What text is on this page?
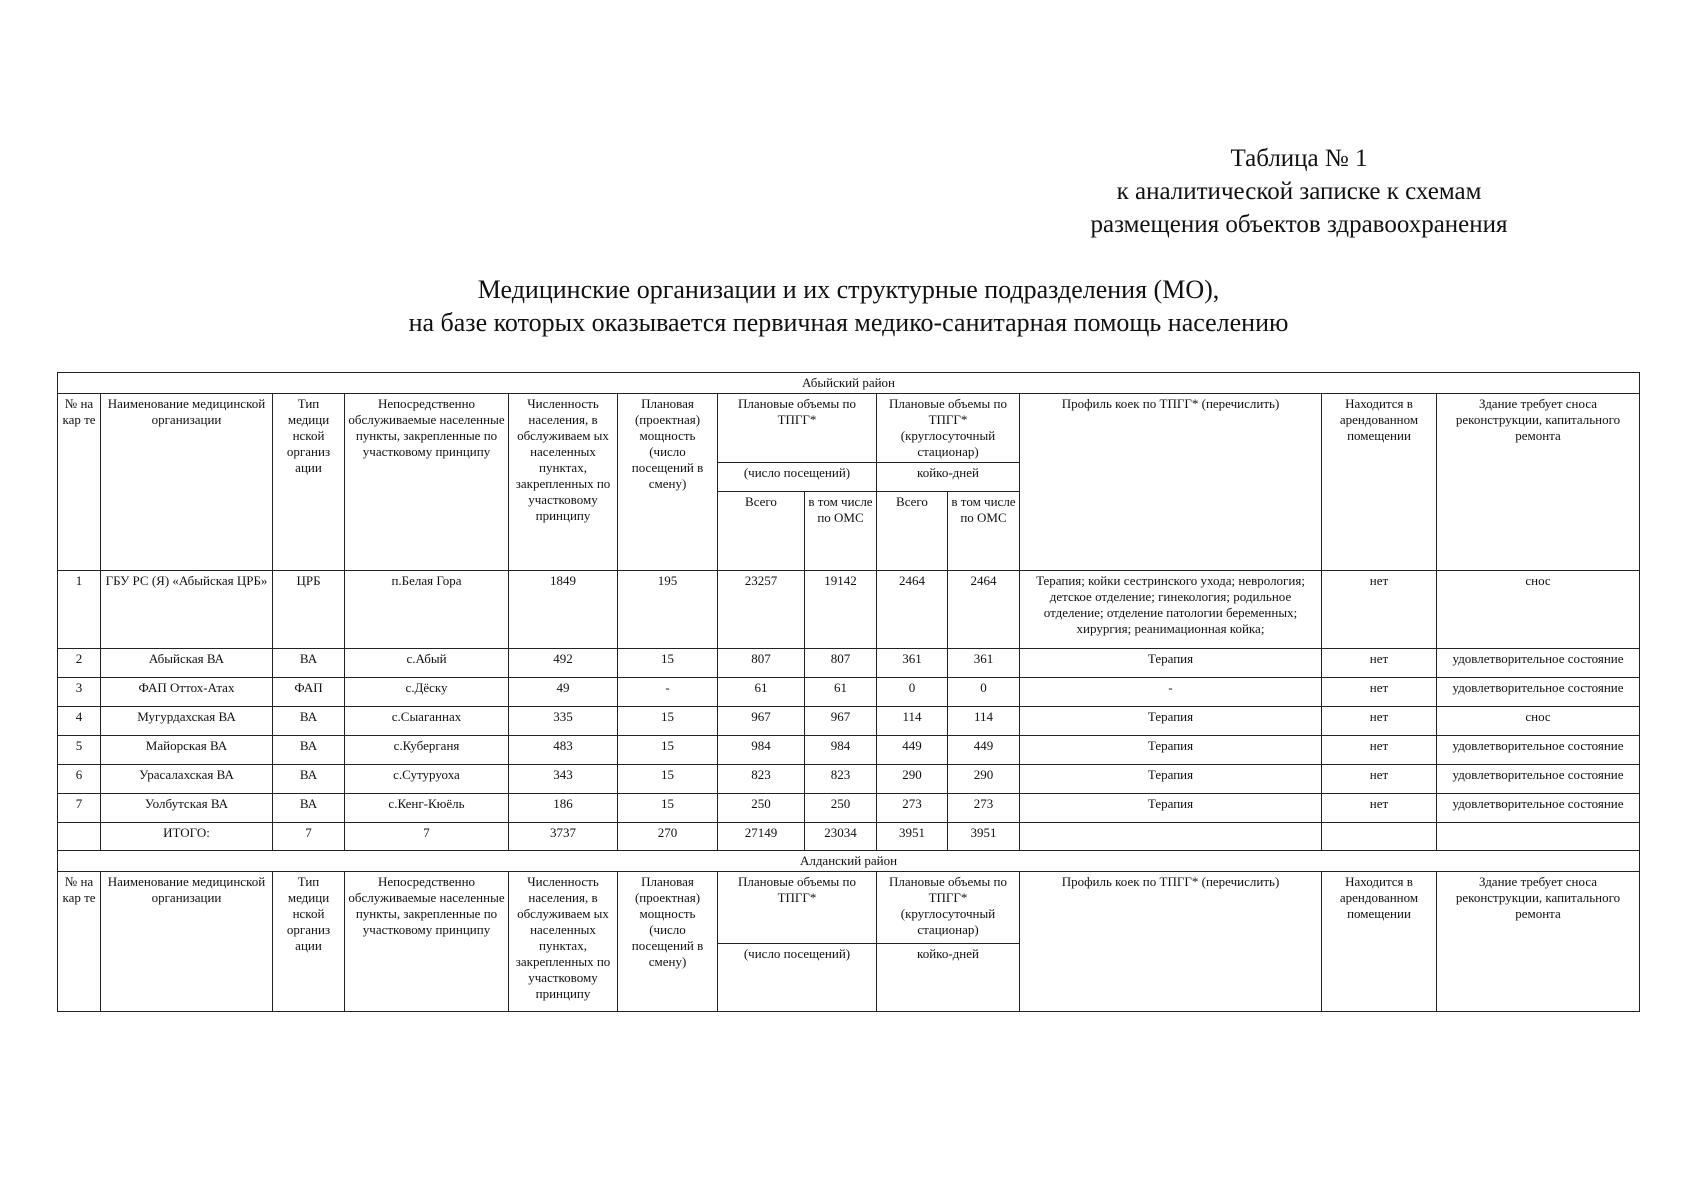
Таблица № 1
к аналитической записке к схемам
размещения объектов здравоохранения
Медицинские организации и их структурные подразделения (МО),
на базе которых оказывается первичная медико-санитарная помощь населению
Абыйский район												
№ на кар те	Наименование медицинской организации	Тип медици нской организ ации	Непосредственно обслуживаемые населенные пункты, закрепленные по участковому принципу	Численность населения, в обслуживаем ых населенных пунктах, закрепленных по участковому принципу	Плановая (проектная) мощность (число посещений в смену)	Плановые объемы по ТПГГ*		Плановые объемы по ТПГГ* (круглосуточный стационар)		Профиль коек по ТПГГ* (перечислить)	Находится в арендованном помещении	Здание требует сноса реконструкции, капитального ремонта
						(число посещений)		койко-дней				
						Всего	в том числе по ОМС	Всего	в том числе по ОМС			
1	ГБУ РС (Я) «Абыйская ЦРБ»	ЦРБ	п.Белая Гора	1849	195	23257	19142	2464	2464	Терапия; койки сестринского ухода; неврология; детское отделение; гинекология; родильное отделение; отделение патологии беременных; хирургия; реанимационная койка;	нет	снос
2	Абыйская ВА	ВА	с.Абый	492	15	807	807	361	361	Терапия	нет	удовлетворительное состояние
3	ФАП Оттох-Атах	ФАП	с.Дёску	49	-	61	61	0	0	-	нет	удовлетворительное состояние
4	Мугурдахская ВА	ВА	с.Сыаганнах	335	15	967	967	114	114	Терапия	нет	снос
5	Майорская ВА	ВА	с.Куберганя	483	15	984	984	449	449	Терапия	нет	удовлетворительное состояние
6	Урасалахская ВА	ВА	с.Сутуруоха	343	15	823	823	290	290	Терапия	нет	удовлетворительное состояние
7	Уолбутская ВА	ВА	с.Кенг-Кюёль	186	15	250	250	273	273	Терапия	нет	удовлетворительное состояние
	ИТОГО:	7	7	3737	270	27149	23034	3951	3951			
Алданский район												
№ на кар те	Наименование медицинской организации	Тип медици нской организ ации	Непосредственно обслуживаемые населенные пункты, закрепленные по участковому принципу	Численность населения, в обслуживаем ых населенных пунктах, закрепленных по участковому принципу	Плановая (проектная) мощность (число посещений в смену)	Плановые объемы по ТПГГ*		Плановые объемы по ТПГГ* (круглосуточный стационар)		Профиль коек по ТПГГ* (перечислить)	Находится в арендованном помещении	Здание требует сноса реконструкции, капитального ремонта
						(число посещений)		койко-дней				
